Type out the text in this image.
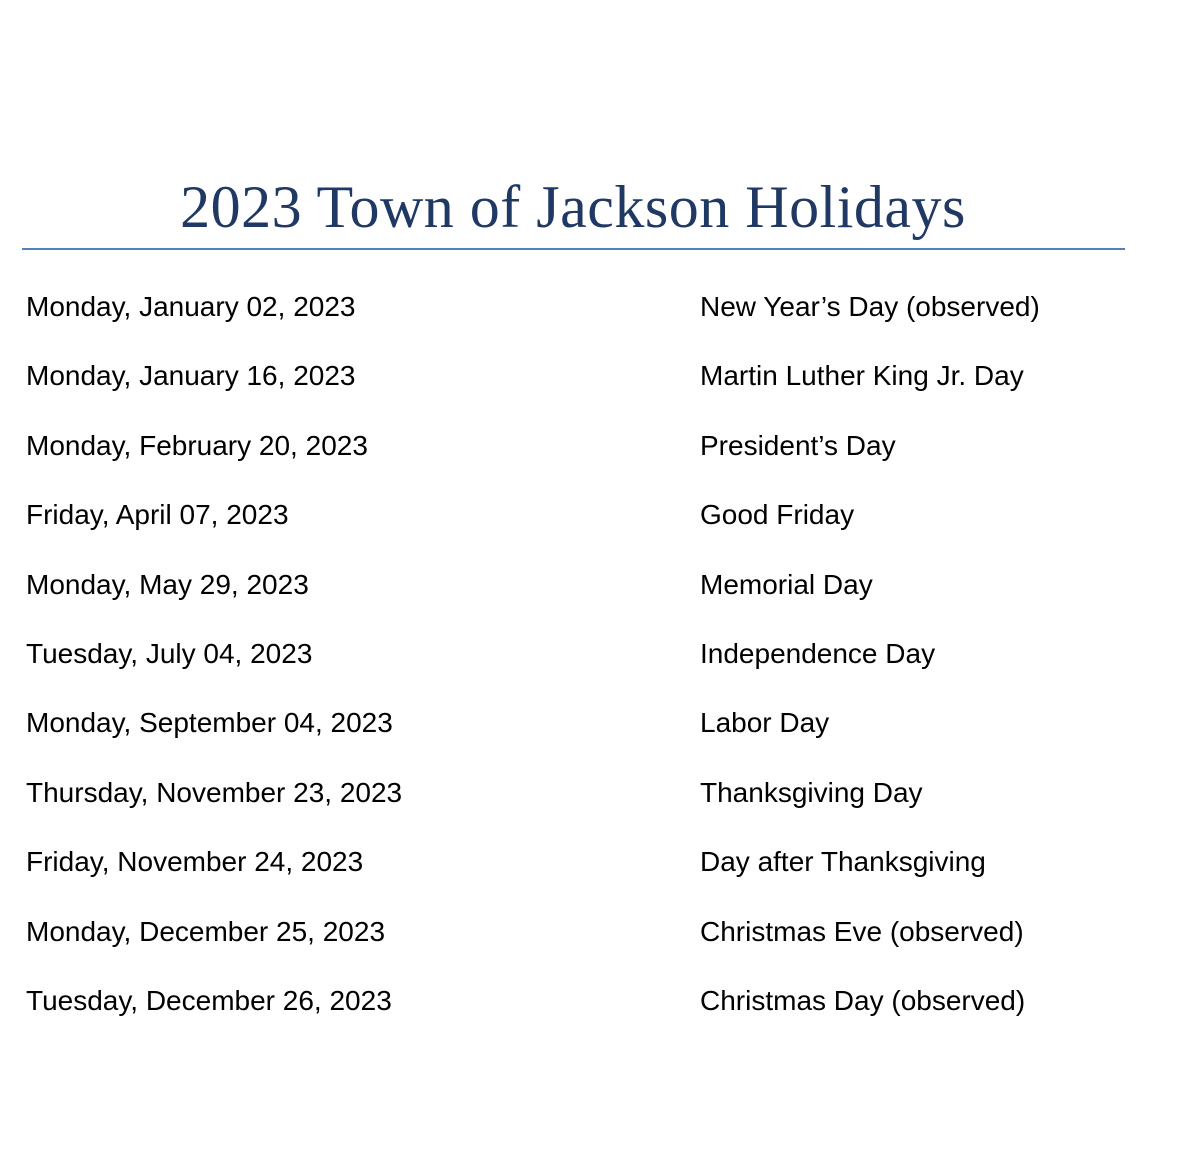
2023 Town of Jackson Holidays
Monday, January 02, 2023	New Year’s Day (observed)
Monday, January 16, 2023	Martin Luther King Jr. Day
Monday, February 20, 2023	President’s Day
Friday, April 07, 2023	Good Friday
Monday, May 29, 2023	Memorial Day
Tuesday, July 04, 2023	Independence Day
Monday, September 04, 2023	Labor Day
Thursday, November 23, 2023	Thanksgiving Day
Friday, November 24, 2023	Day after Thanksgiving
Monday, December 25, 2023	Christmas Eve (observed)
Tuesday, December 26, 2023	Christmas Day (observed)
